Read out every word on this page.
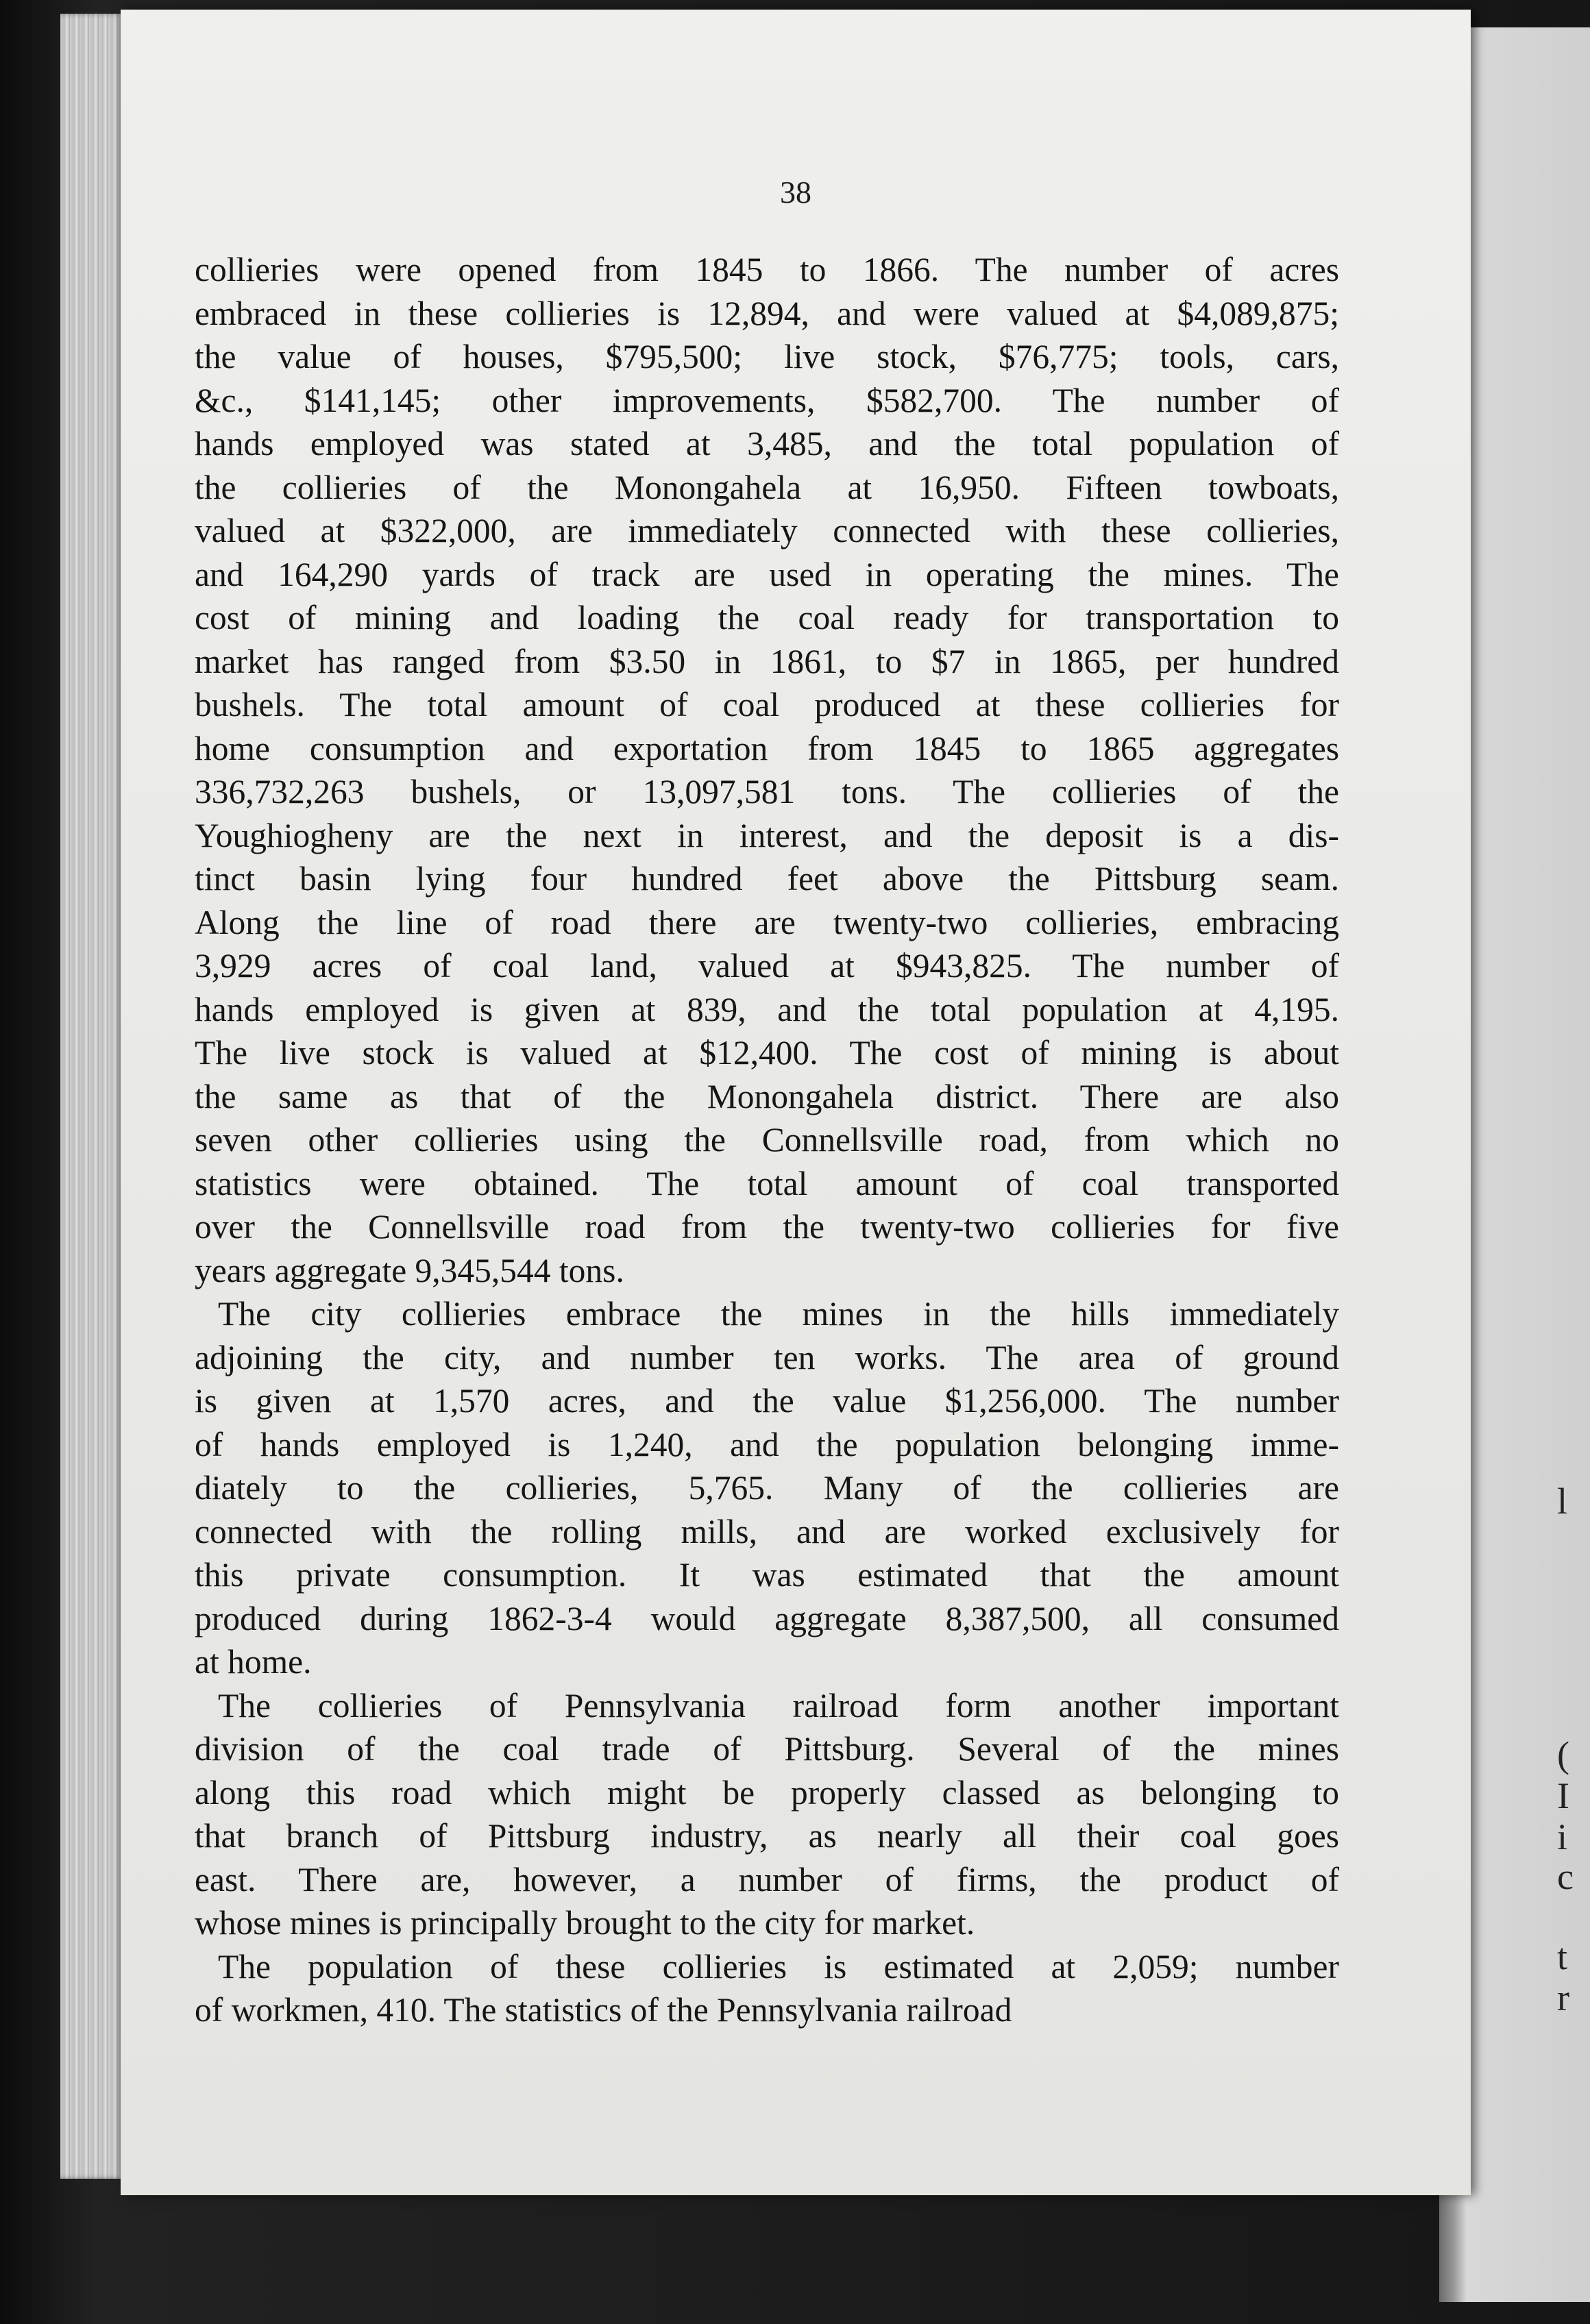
l
(
I
i
c
t
r

38

collieries were opened from 1845 to 1866. The number of acres
embraced in these collieries is 12,894, and were valued at $4,089,875;
the value of houses, $795,500; live stock, $76,775; tools, cars,
&c., $141,145; other improvements, $582,700. The number of
hands employed was stated at 3,485, and the total population of
the collieries of the Monongahela at 16,950. Fifteen towboats,
valued at $322,000, are immediately connected with these collieries,
and 164,290 yards of track are used in operating the mines. The
cost of mining and loading the coal ready for transportation to
market has ranged from $3.50 in 1861, to $7 in 1865, per hundred
bushels. The total amount of coal produced at these collieries for
home consumption and exportation from 1845 to 1865 aggregates
336,732,263 bushels, or 13,097,581 tons. The collieries of the
Youghiogheny are the next in interest, and the deposit is a dis-
tinct basin lying four hundred feet above the Pittsburg seam.
Along the line of road there are twenty-two collieries, embracing
3,929 acres of coal land, valued at $943,825. The number of
hands employed is given at 839, and the total population at 4,195.
The live stock is valued at $12,400. The cost of mining is about
the same as that of the Monongahela district. There are also
seven other collieries using the Connellsville road, from which no
statistics were obtained. The total amount of coal transported
over the Connellsville road from the twenty-two collieries for five
years aggregate 9,345,544 tons.

The city collieries embrace the mines in the hills immediately
adjoining the city, and number ten works. The area of ground
is given at 1,570 acres, and the value $1,256,000. The number
of hands employed is 1,240, and the population belonging imme-
diately to the collieries, 5,765. Many of the collieries are
connected with the rolling mills, and are worked exclusively for
this private consumption. It was estimated that the amount
produced during 1862-3-4 would aggregate 8,387,500, all consumed
at home.

The collieries of Pennsylvania railroad form another important
division of the coal trade of Pittsburg. Several of the mines
along this road which might be properly classed as belonging to
that branch of Pittsburg industry, as nearly all their coal goes
east. There are, however, a number of firms, the product of
whose mines is principally brought to the city for market.

The population of these collieries is estimated at 2,059; number
of workmen, 410. The statistics of the Pennsylvania railroad
